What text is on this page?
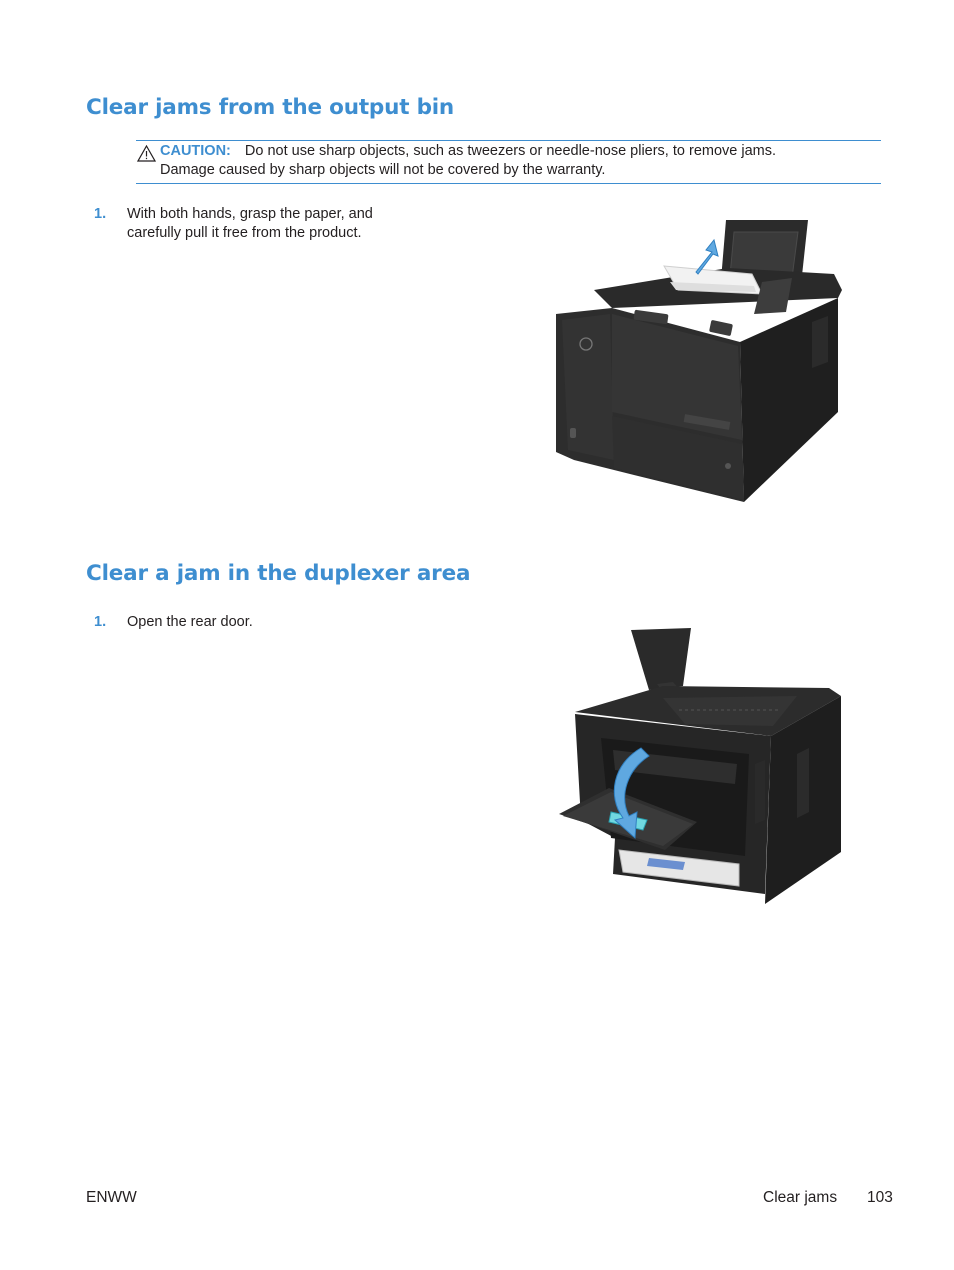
Clear jams from the output bin
CAUTION: Do not use sharp objects, such as tweezers or needle-nose pliers, to remove jams.
Damage caused by sharp objects will not be covered by the warranty.
1. With both hands, grasp the paper, and
carefully pull it free from the product.
Clear a jam in the duplexer area
1. Open the rear door.
ENWW	Clear jams 103
